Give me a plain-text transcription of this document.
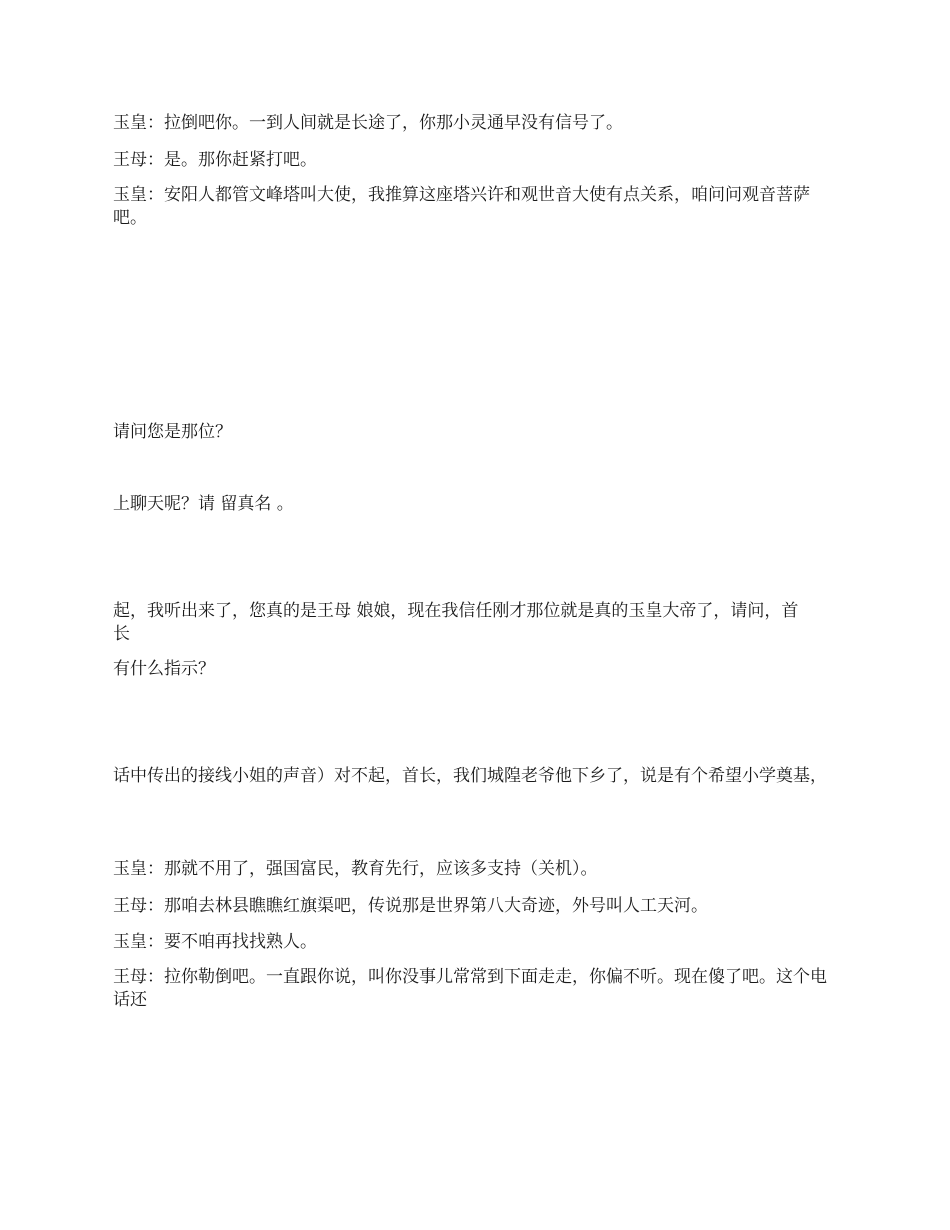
玉皇：拉倒吧你。一到人间就是长途了，你那小灵通早没有信号了。

王母：是。那你赶紧打吧。

玉皇：安阳人都管文峰塔叫大使，我推算这座塔兴许和观世音大使有点关系，咱问问观音菩萨吧。

请问您是那位？

上聊天呢？请 留真名 。

起，我听出来了，您真的是王母 娘娘，现在我信任刚才那位就是真的玉皇大帝了，请问，首长

有什么指示？

话中传出的接线小姐的声音）对不起，首长，我们城隍老爷他下乡了，说是有个希望小学奠基，

玉皇：那就不用了，强国富民，教育先行，应该多支持（关机）。

王母：那咱去林县瞧瞧红旗渠吧，传说那是世界第八大奇迹，外号叫人工天河。

玉皇：要不咱再找找熟人。

王母：拉你勒倒吧。一直跟你说，叫你没事儿常常到下面走走，你偏不听。现在傻了吧。这个电 话还
